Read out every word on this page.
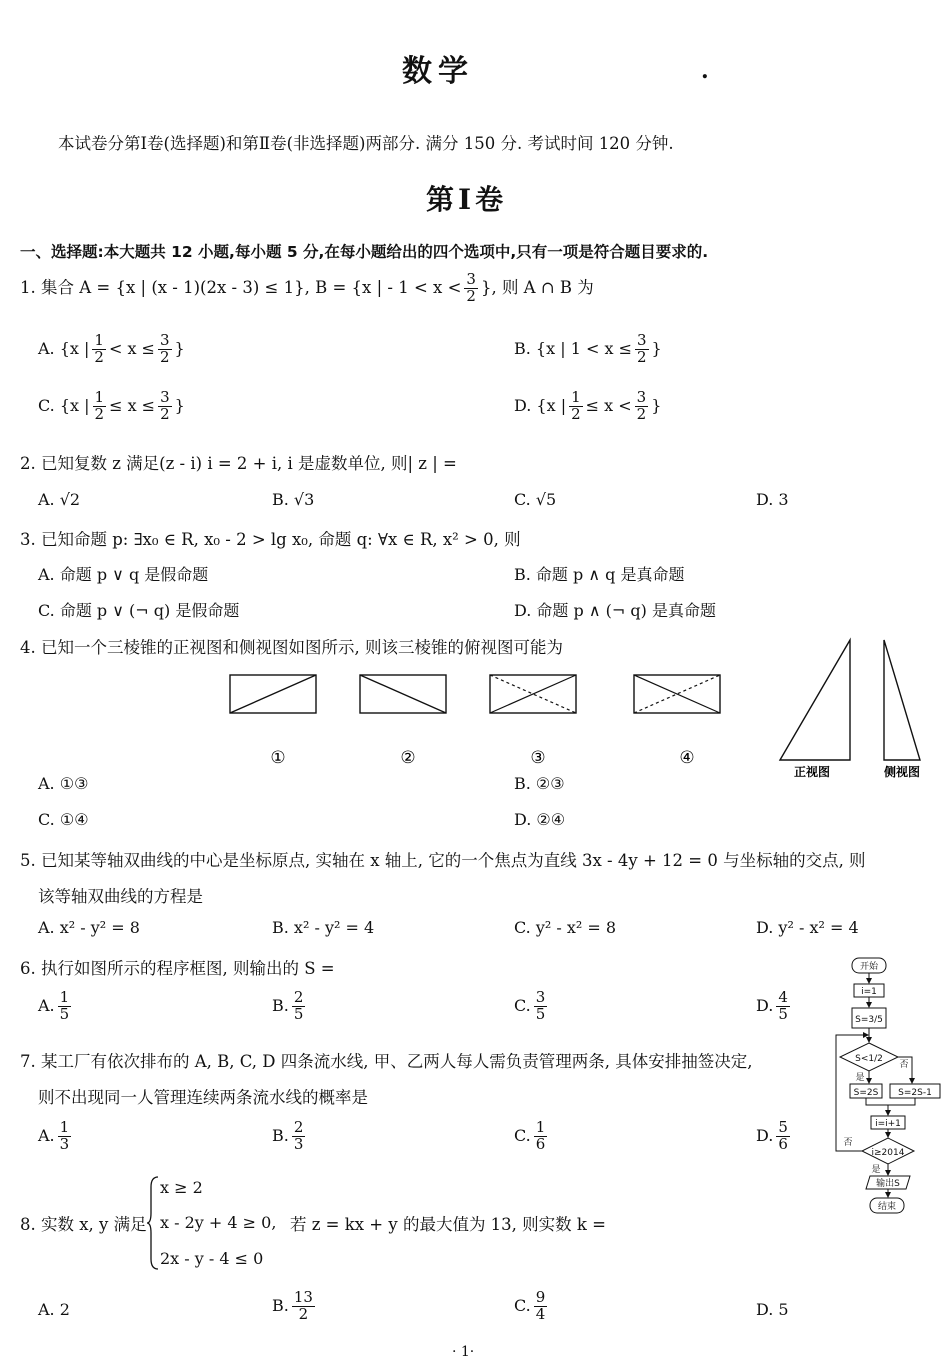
数学	.
本试卷分第Ⅰ卷(选择题)和第Ⅱ卷(非选择题)两部分. 满分 150 分. 考试时间 120 分钟.
第Ⅰ卷
一、选择题:本大题共 12 小题,每小题 5 分,在每小题给出的四个选项中,只有一项是符合题目要求的.
1. 集合 A = {x | (x - 1)(2x - 3) ≤ 1}, B = {x | - $1 < x < \frac{3}{2}$ }, 则 A ∩ B 为
A. {x | $\frac{1}{2} < x \le \frac{3}{2}$ }	B. {x | $1 < x \le \frac{3}{2}$ }
C. {x | $\frac{1}{2} \le x \le \frac{3}{2}$ }	D. {x | $\frac{1}{2} \le x < \frac{3}{2}$ }
2. 已知复数 z 满足(z - i) i = 2 + i, i 是虚数单位, 则| z | =
A. √2	B. √3	C. √5	D. 3
3. 已知命题 p: ∃x₀ ∈ R, x₀ - 2 > lg x₀, 命题 q: ∀x ∈ R, x² > 0, 则
A. 命题 p ∨ q 是假命题	B. 命题 p ∧ q 是真命题
C. 命题 p ∨ (¬ q) 是假命题	D. 命题 p ∧ (¬ q) 是真命题
4. 已知一个三棱锥的正视图和侧视图如图所示, 则该三棱锥的俯视图可能为
①	②	③	④
正视图	侧视图
A. ①③	B. ②③
C. ①④	D. ②④
5. 已知某等轴双曲线的中心是坐标原点, 实轴在 x 轴上, 它的一个焦点为直线 3x - 4y + 12 = 0 与坐标轴的交点, 则
该等轴双曲线的方程是
A. x² - y² = 8	B. x² - y² = 4	C. y² - x² = 8	D. y² - x² = 4
6. 执行如图所示的程序框图, 则输出的 S =
A. $\frac{1}{5}$	B. $\frac{2}{5}$	C. $\frac{3}{5}$	D. $\frac{4}{5}$
开始
i=1
S=3/5
S<1/2
是
否
S=2S S=2S-1
i=i+1
i≥2014
否
是
输出S
结束
7. 某工厂有依次排布的 A, B, C, D 四条流水线, 甲、乙两人每人需负责管理两条, 具体安排抽签决定,
则不出现同一人管理连续两条流水线的概率是
A. $\frac{1}{3}$	B. $\frac{2}{3}$	C. $\frac{1}{6}$	D. $\frac{5}{6}$
8. 实数 x, y 满足
x ≥ 2
x - 2y + 4 ≥ 0,
2x - y - 4 ≤ 0
若 z = kx + y 的最大值为 13, 则实数 k =
A. 2	B. $\frac{13}{2}$	C. $\frac{9}{4}$	D. 5
· 1·
